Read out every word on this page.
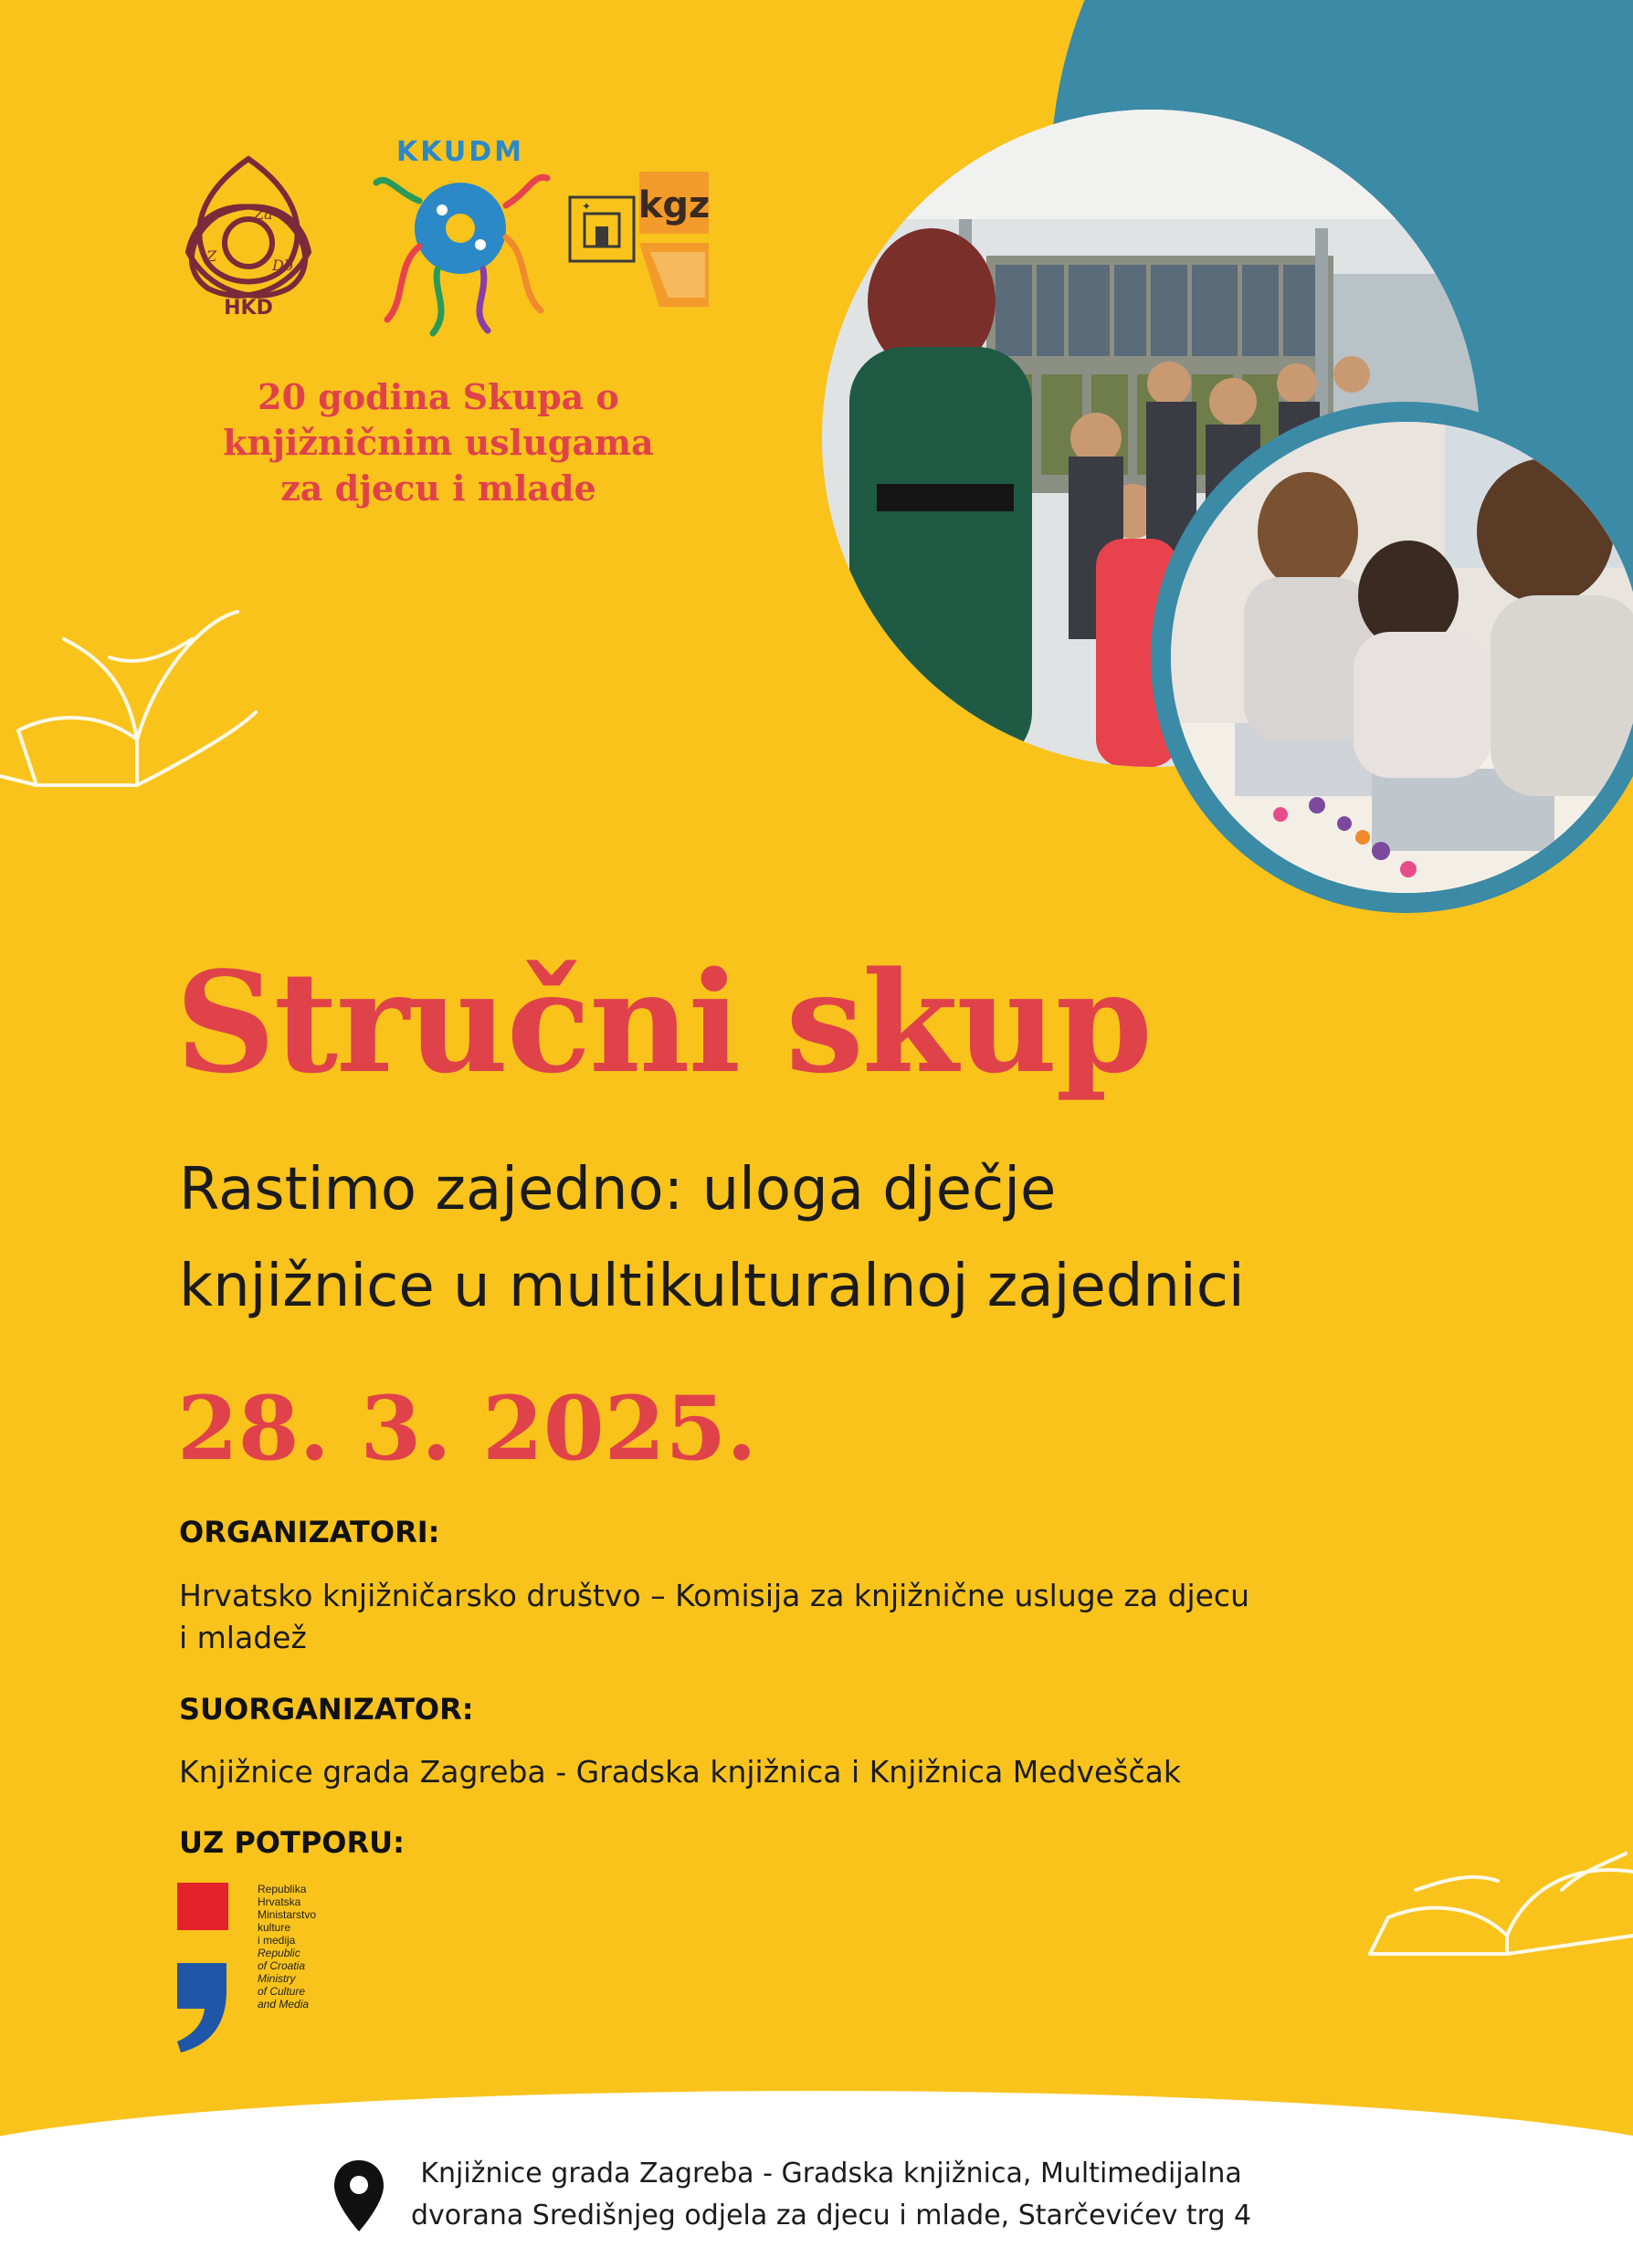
Za
Z
Db
HKD
KKUDM
✦ kgz
20 godina Skupa o
knjižničnim uslugama
za djecu i mlade
Stručni skup
Rastimo zajedno: uloga dječje
knjižnice u multikulturalnoj zajednici
28. 3. 2025.
ORGANIZATORI:
Hrvatsko knjižničarsko društvo – Komisija za knjižnične usluge za djecu
i mladež
SUORGANIZATOR:
Knjižnice grada Zagreba - Gradska knjižnica i Knjižnica Medveščak
UZ POTPORU:
Republika
Hrvatska
Ministarstvo
kulture
i medija
Republic
of Croatia
Ministry
of Culture
and Media
Knjižnice grada Zagreba - Gradska knjižnica, Multimedijalna
dvorana Središnjeg odjela za djecu i mlade, Starčevićev trg 4
